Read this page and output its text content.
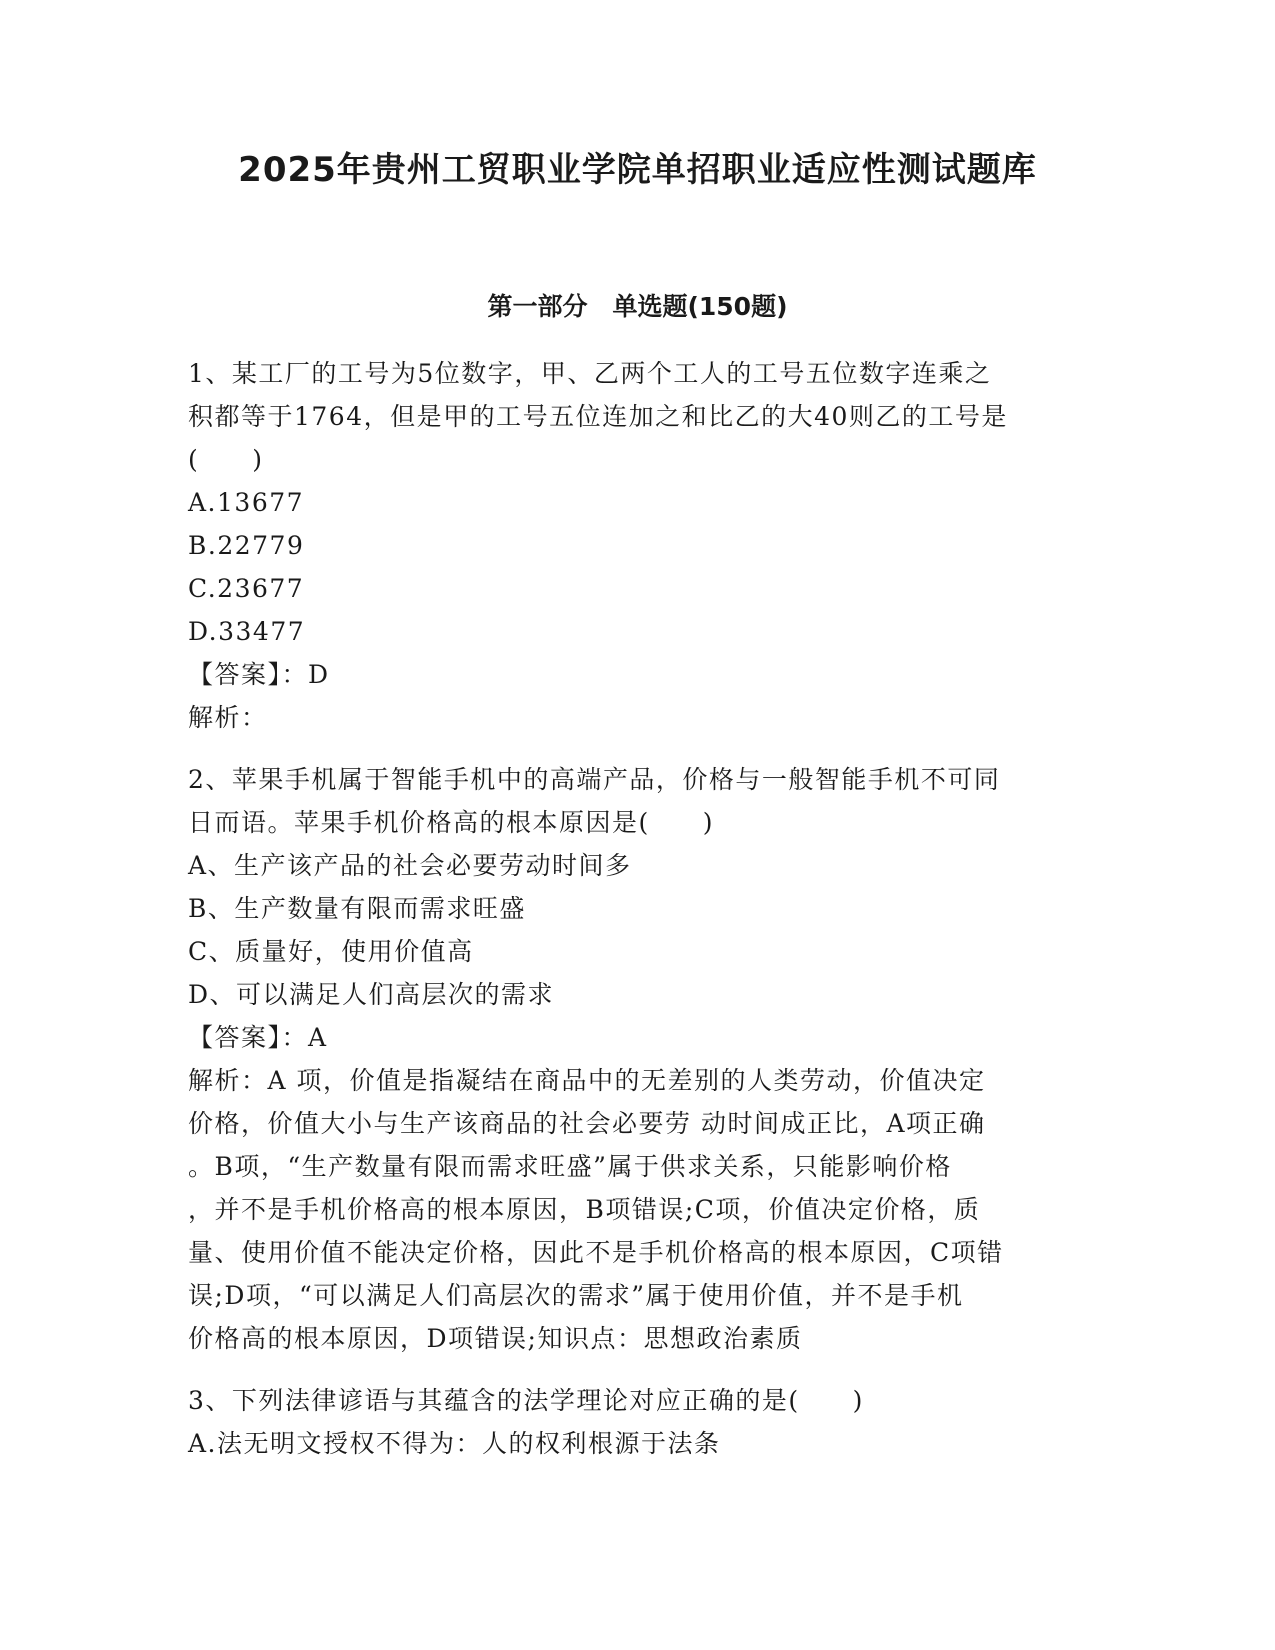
2025年贵州工贸职业学院单招职业适应性测试题库
第一部分　单选题(150题)
1、某工厂的工号为5位数字，甲、乙两个工人的工号五位数字连乘之
积都等于1764，但是甲的工号五位连加之和比乙的大40则乙的工号是
(　　)
A.13677
B.22779
C.23677
D.33477
【答案】：D
解析：
2、苹果手机属于智能手机中的高端产品，价格与一般智能手机不可同
日而语。苹果手机价格高的根本原因是(　　)
A、生产该产品的社会必要劳动时间多
B、生产数量有限而需求旺盛
C、质量好，使用价值高
D、可以满足人们高层次的需求
【答案】：A
解析：A 项，价值是指凝结在商品中的无差别的人类劳动，价值决定
价格，价值大小与生产该商品的社会必要劳 动时间成正比，A项正确
。B项，“生产数量有限而需求旺盛”属于供求关系，只能影响价格
，并不是手机价格高的根本原因，B项错误;C项，价值决定价格，质
量、使用价值不能决定价格，因此不是手机价格高的根本原因，C项错
误;D项，“可以满足人们高层次的需求”属于使用价值，并不是手机
价格高的根本原因，D项错误;知识点：思想政治素质
3、下列法律谚语与其蕴含的法学理论对应正确的是(　　)
A.法无明文授权不得为：人的权利根源于法条
